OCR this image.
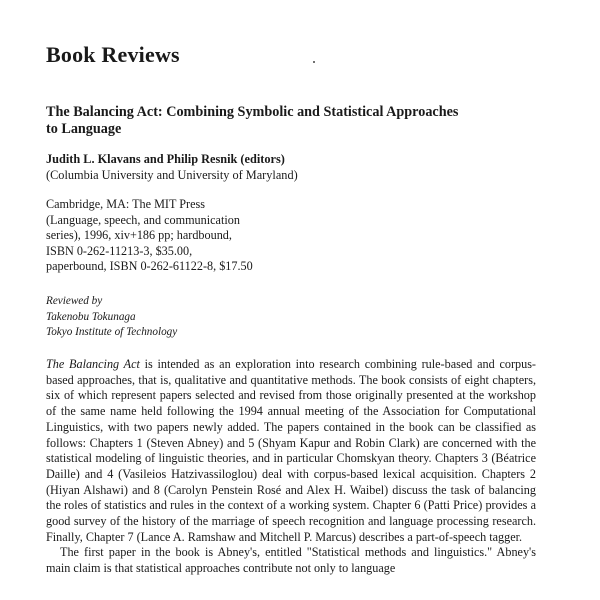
Book Reviews
The Balancing Act: Combining Symbolic and Statistical Approaches
to Language
Judith L. Klavans and Philip Resnik (editors)
(Columbia University and University of Maryland)
Cambridge, MA: The MIT Press
(Language, speech, and communication
series), 1996, xiv+186 pp; hardbound,
ISBN 0-262-11213-3, $35.00,
paperbound, ISBN 0-262-61122-8, $17.50
Reviewed by
Takenobu Tokunaga
Tokyo Institute of Technology

The Balancing Act is intended as an exploration into research combining rule-based and corpus-based approaches, that is, qualitative and quantitative methods. The book consists of eight chapters, six of which represent papers selected and revised from those originally presented at the workshop of the same name held following the 1994 annual meeting of the Association for Computational Linguistics, with two papers newly added. The papers contained in the book can be classified as follows: Chapters 1 (Steven Abney) and 5 (Shyam Kapur and Robin Clark) are concerned with the statistical modeling of linguistic theories, and in particular Chomskyan theory. Chapters 3 (Béatrice Daille) and 4 (Vasileios Hatzivassiloglou) deal with corpus-based lexical acquisition. Chapters 2 (Hiyan Alshawi) and 8 (Carolyn Penstein Rosé and Alex H. Waibel) discuss the task of balancing the roles of statistics and rules in the context of a working system. Chapter 6 (Patti Price) provides a good survey of the history of the marriage of speech recognition and language processing research. Finally, Chapter 7 (Lance A. Ramshaw and Mitchell P. Marcus) describes a part-of-speech tagger.

The first paper in the book is Abney's, entitled "Statistical methods and linguistics." Abney's main claim is that statistical approaches contribute not only to language
